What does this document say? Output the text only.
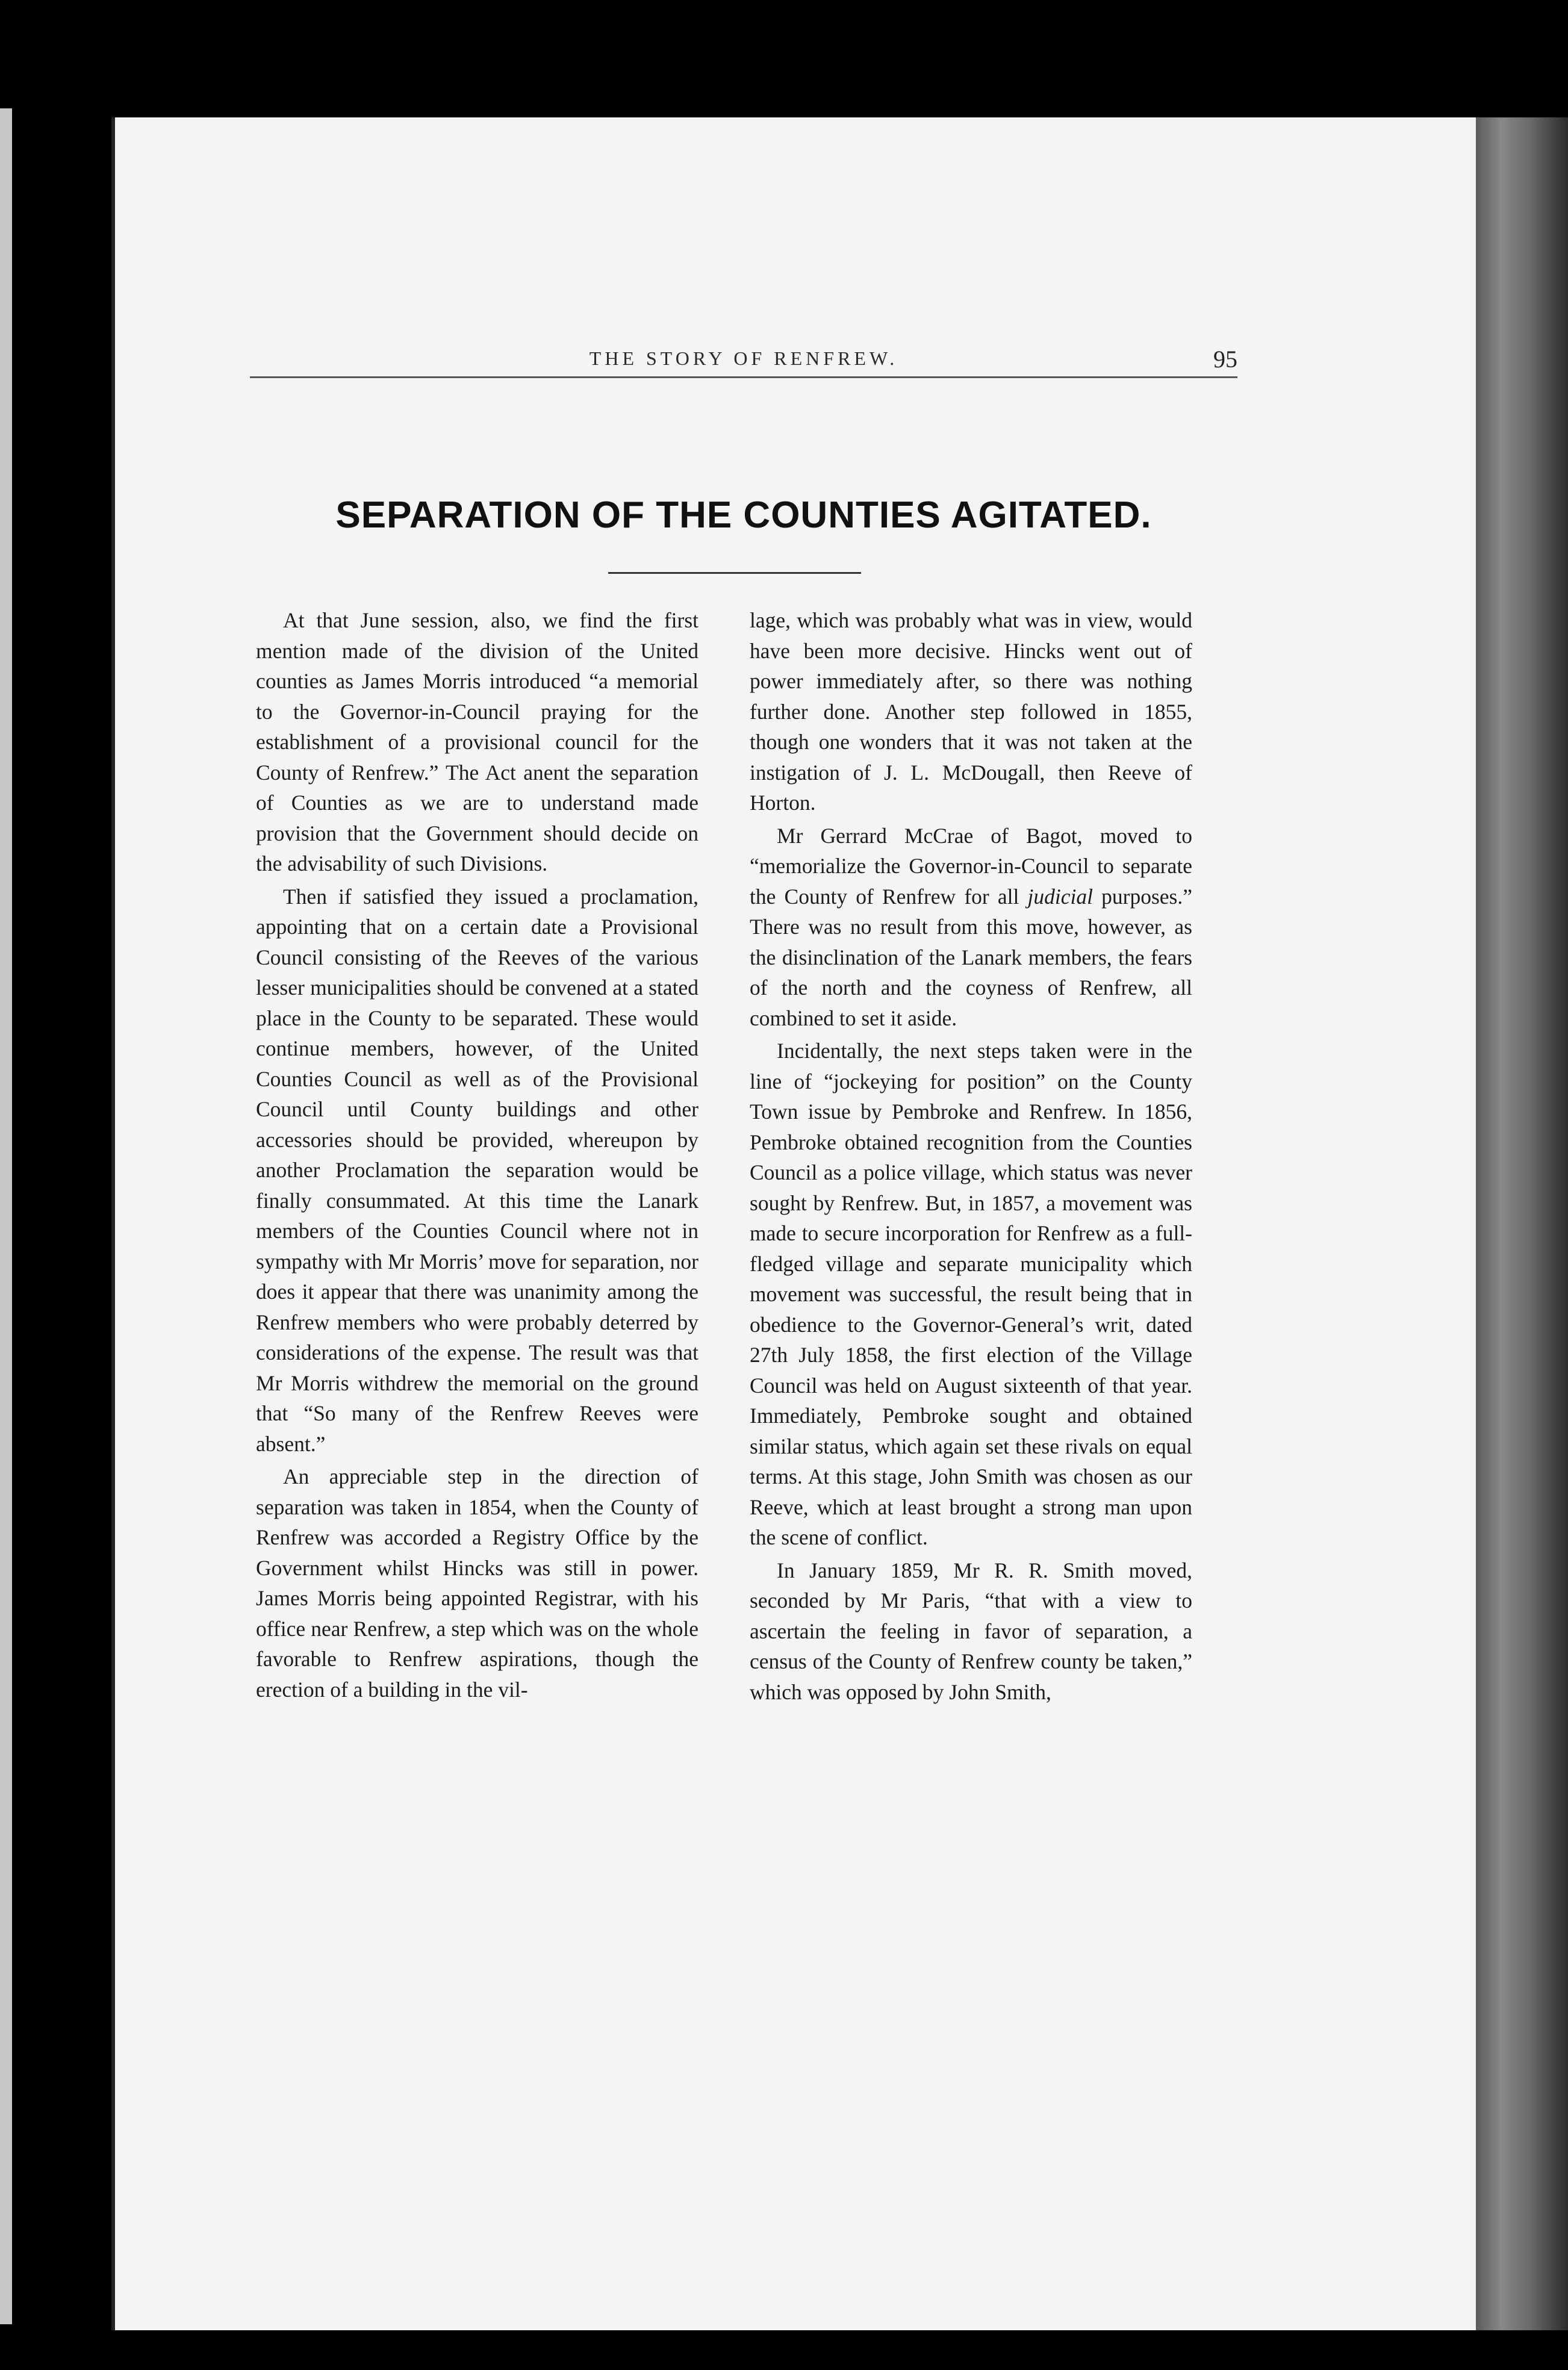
THE STORY OF RENFREW.	95
SEPARATION OF THE COUNTIES AGITATED.

At that June session, also, we find the first mention made of the division of the United counties as James Morris introduced “a memorial to the Governor-in-Council praying for the establishment of a provisional council for the County of Renfrew.” The Act anent the separation of Counties as we are to understand made provision that the Government should decide on the advisability of such Divisions.

Then if satisfied they issued a proclamation, appointing that on a certain date a Provisional Council consisting of the Reeves of the various lesser municipalities should be convened at a stated place in the County to be separated. These would continue members, however, of the United Counties Council as well as of the Provisional Council until County buildings and other accessories should be provided, whereupon by another Proclamation the separation would be finally consummated. At this time the Lanark members of the Counties Council where not in sympathy with Mr Morris’ move for separation, nor does it appear that there was unanimity among the Renfrew members who were probably deterred by considerations of the expense. The result was that Mr Morris withdrew the memorial on the ground that “So many of the Renfrew Reeves were absent.”

An appreciable step in the direction of separation was taken in 1854, when the County of Renfrew was accorded a Registry Office by the Government whilst Hincks was still in power. James Morris being appointed Registrar, with his office near Renfrew, a step which was on the whole favorable to Renfrew aspirations, though the erection of a building in the vil-

lage, which was probably what was in view, would have been more decisive. Hincks went out of power immediately after, so there was nothing further done. Another step followed in 1855, though one wonders that it was not taken at the instigation of J. L. McDougall, then Reeve of Horton.

Mr Gerrard McCrae of Bagot, moved to “memorialize the Governor-in-Council to separate the County of Renfrew for all judicial purposes.” There was no result from this move, however, as the disinclination of the Lanark members, the fears of the north and the coyness of Renfrew, all combined to set it aside.

Incidentally, the next steps taken were in the line of “jockeying for position” on the County Town issue by Pembroke and Renfrew. In 1856, Pembroke obtained recognition from the Counties Council as a police village, which status was never sought by Renfrew. But, in 1857, a movement was made to secure incorporation for Renfrew as a full-fledged village and separate municipality which movement was successful, the result being that in obedience to the Governor-General’s writ, dated 27th July 1858, the first election of the Village Council was held on August sixteenth of that year. Immediately, Pembroke sought and obtained similar status, which again set these rivals on equal terms. At this stage, John Smith was chosen as our Reeve, which at least brought a strong man upon the scene of conflict.

In January 1859, Mr R. R. Smith moved, seconded by Mr Paris, “that with a view to ascertain the feeling in favor of separation, a census of the County of Renfrew county be taken,” which was opposed by John Smith,
